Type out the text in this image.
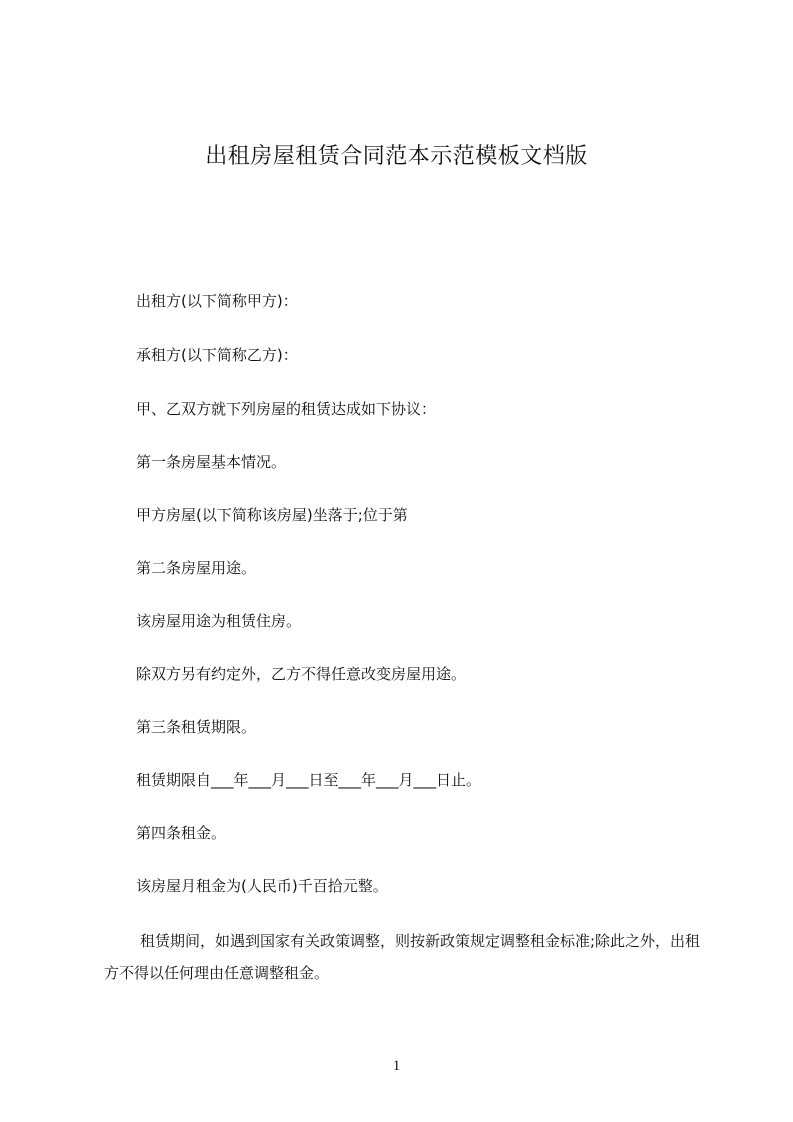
出租房屋租赁合同范本示范模板文档版

出租方(以下简称甲方)：

承租方(以下简称乙方)：

甲、乙双方就下列房屋的租赁达成如下协议：

第一条房屋基本情况。

甲方房屋(以下简称该房屋)坐落于;位于第

第二条房屋用途。

该房屋用途为租赁住房。

除双方另有约定外，乙方不得任意改变房屋用途。

第三条租赁期限。

租赁期限自___年___月___日至___年___月___日止。

第四条租金。

该房屋月租金为(人民币)千百拾元整。

租赁期间，如遇到国家有关政策调整，则按新政策规定调整租金标准;除此之外，出租方不得以任何理由任意调整租金。

1
